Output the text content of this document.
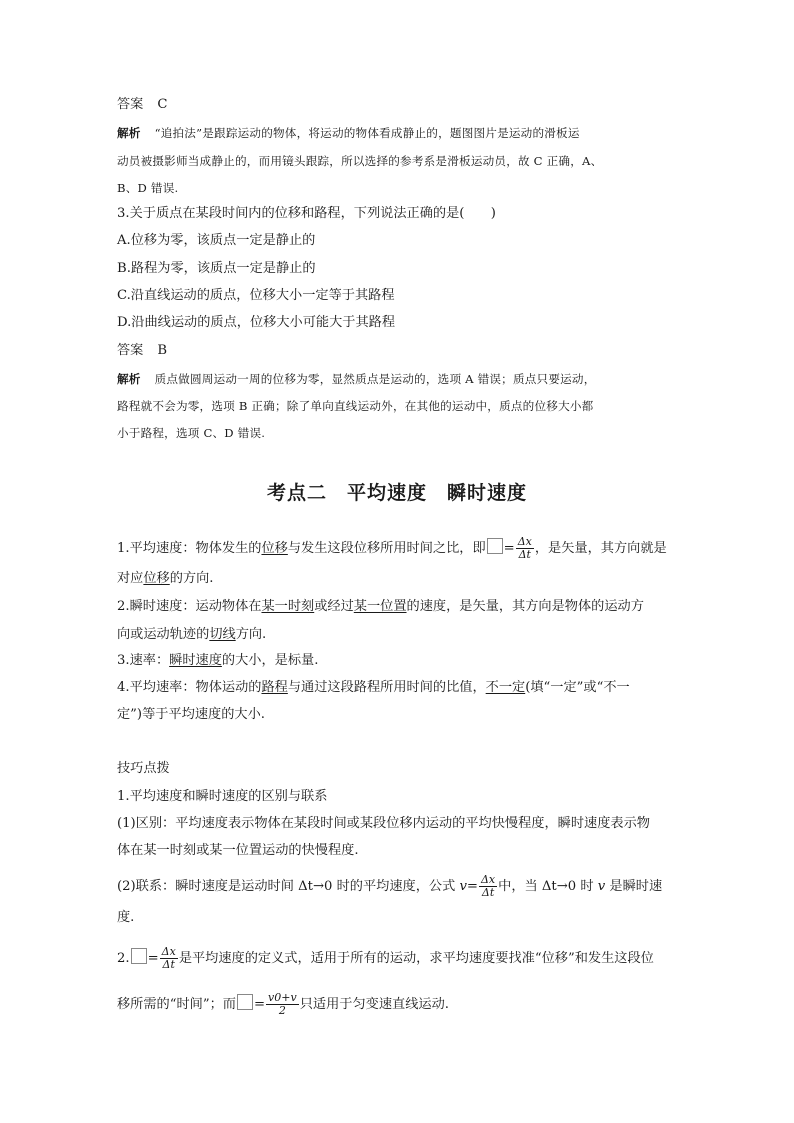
答案 C
解析 “追拍法”是跟踪运动的物体，将运动的物体看成静止的，题图图片是运动的滑板运
动员被摄影师当成静止的，而用镜头跟踪，所以选择的参考系是滑板运动员，故 C 正确，A、
B、D 错误.
3.关于质点在某段时间内的位移和路程，下列说法正确的是(　　)
A.位移为零，该质点一定是静止的
B.路程为零，该质点一定是静止的
C.沿直线运动的质点，位移大小一定等于其路程
D.沿曲线运动的质点，位移大小可能大于其路程
答案 B
解析 质点做圆周运动一周的位移为零，显然质点是运动的，选项 A 错误；质点只要运动，
路程就不会为零，选项 B 正确；除了单向直线运动外，在其他的运动中，质点的位移大小都
小于路程，选项 C、D 错误.
考点二　平均速度　瞬时速度
1.平均速度：物体发生的位移与发生这段位移所用时间之比，即 = $\frac{\Delta x}{\Delta t}$ ，是矢量，其方向就是
对应位移的方向.
2.瞬时速度：运动物体在某一时刻或经过某一位置的速度，是矢量，其方向是物体的运动方
向或运动轨迹的切线方向.
3.速率：瞬时速度的大小，是标量.
4.平均速率：物体运动的路程与通过这段路程所用时间的比值，不一定(填“一定”或“不一
定”)等于平均速度的大小.
技巧点拨
1.平均速度和瞬时速度的区别与联系
(1)区别：平均速度表示物体在某段时间或某段位移内运动的平均快慢程度，瞬时速度表示物
体在某一时刻或某一位置运动的快慢程度.
(2)联系：瞬时速度是运动时间 Δt→0 时的平均速度，公式 $v= \frac{\Delta x}{\Delta t}$ 中，当 Δt→0 时 v 是瞬时速
度.
2. = $\frac{\Delta x}{\Delta t}$ 是平均速度的定义式，适用于所有的运动，求平均速度要找准“位移”和发生这段位
移所需的“时间”；而 = $\frac{v0+v}{2}$ 只适用于匀变速直线运动.
